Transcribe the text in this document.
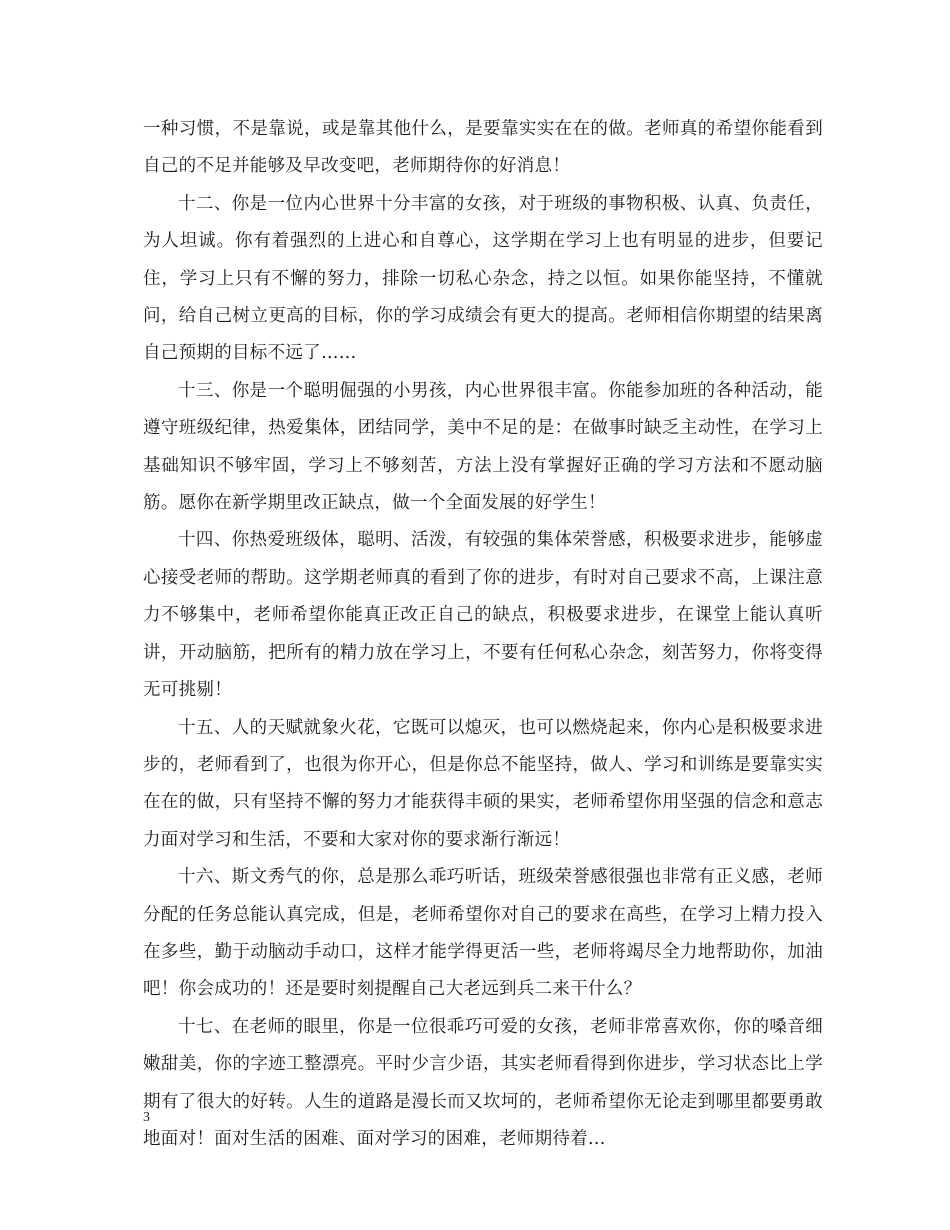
一种习惯，不是靠说，或是靠其他什么，是要靠实实在在的做。老师真的希望你能看到自己的不足并能够及早改变吧，老师期待你的好消息！

十二、你是一位内心世界十分丰富的女孩，对于班级的事物积极、认真、负责任，为人坦诚。你有着强烈的上进心和自尊心，这学期在学习上也有明显的进步，但要记住，学习上只有不懈的努力，排除一切私心杂念，持之以恒。如果你能坚持，不懂就问，给自己树立更高的目标，你的学习成绩会有更大的提高。老师相信你期望的结果离自己预期的目标不远了……

十三、你是一个聪明倔强的小男孩，内心世界很丰富。你能参加班的各种活动，能遵守班级纪律，热爱集体，团结同学，美中不足的是：在做事时缺乏主动性，在学习上基础知识不够牢固，学习上不够刻苦，方法上没有掌握好正确的学习方法和不愿动脑筋。愿你在新学期里改正缺点，做一个全面发展的好学生！

十四、你热爱班级体，聪明、活泼，有较强的集体荣誉感，积极要求进步，能够虚心接受老师的帮助。这学期老师真的看到了你的进步，有时对自己要求不高，上课注意力不够集中，老师希望你能真正改正自己的缺点，积极要求进步，在课堂上能认真听讲，开动脑筋，把所有的精力放在学习上，不要有任何私心杂念，刻苦努力，你将变得无可挑剔！

十五、人的天赋就象火花，它既可以熄灭，也可以燃烧起来，你内心是积极要求进步的，老师看到了，也很为你开心，但是你总不能坚持，做人、学习和训练是要靠实实在在的做，只有坚持不懈的努力才能获得丰硕的果实，老师希望你用坚强的信念和意志力面对学习和生活，不要和大家对你的要求渐行渐远！

十六、斯文秀气的你，总是那么乖巧听话，班级荣誉感很强也非常有正义感，老师分配的任务总能认真完成，但是，老师希望你对自己的要求在高些，在学习上精力投入在多些，勤于动脑动手动口，这样才能学得更活一些，老师将竭尽全力地帮助你，加油吧！你会成功的！还是要时刻提醒自己大老远到兵二来干什么？

十七、在老师的眼里，你是一位很乖巧可爱的女孩，老师非常喜欢你，你的嗓音细嫩甜美，你的字迹工整漂亮。平时少言少语，其实老师看得到你进步，学习状态比上学期有了很大的好转。人生的道路是漫长而又坎坷的，老师希望你无论走到哪里都要勇敢地面对！面对生活的困难、面对学习的困难，老师期待着...

3
